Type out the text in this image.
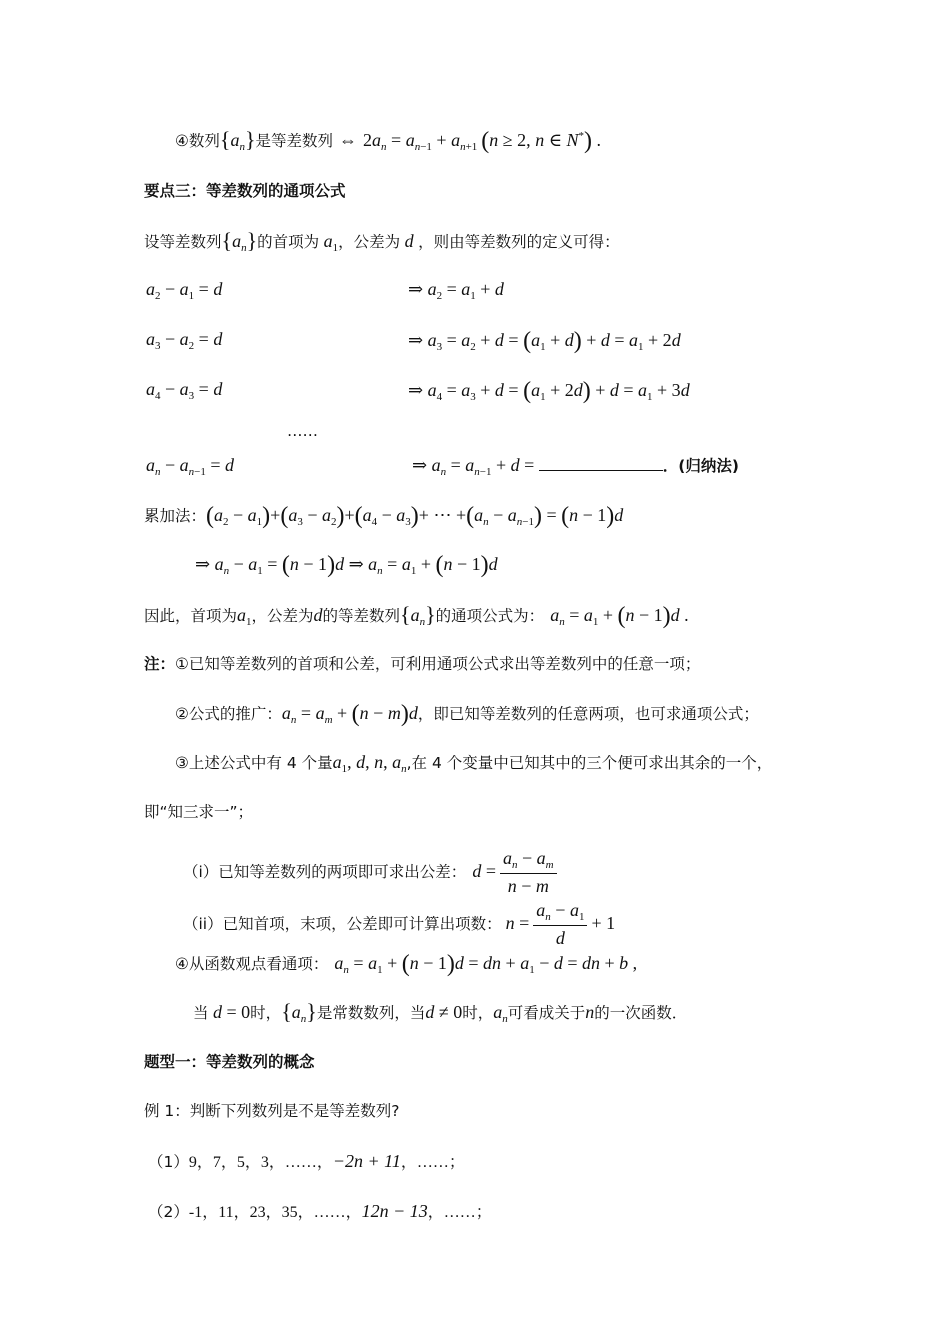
④数列$\{a_n\}$是等差数列 ⇔ $2a_n = a_{n-1} + a_{n+1}$ (n ≥ 2, n ∈ N*) .
要点三：等差数列的通项公式
设等差数列$\{a_n\}$的首项为 $a_1$，公差为 d ，则由等差数列的定义可得：
$a_2 - a_1 = d$	⇒ $a_2 = a_1 + d$
$a_3 - a_2 = d$	⇒ $a_3 = a_2 + d = (a_1 + d) + d = a_1 + 2d$
$a_4 - a_3 = d$	⇒ $a_4 = a_3 + d = (a_1 + 2d) + d = a_1 + 3d$
……
$a_n - a_{n-1} = d$	⇒ $a_n = a_{n-1} + d$ =	．(归纳法)
累加法：$(a_2 - a_1)+(a_3 - a_2)+(a_4 - a_3)+$ ⋯ $+(a_n - a_{n-1}) = (n - 1)d$
⇒ $a_n - a_1 = (n - 1)d$ ⇒ $a_n = a_1 + (n - 1)d$
因此，首项为$a_1$，公差为d的等差数列$\{a_n\}$的通项公式为： $a_n = a_1 + (n - 1)d$ .
注：①已知等差数列的首项和公差，可利用通项公式求出等差数列中的任意一项；
②公式的推广：$a_n = a_m + (n - m)d$，即已知等差数列的任意两项，也可求通项公式；
③上述公式中有 4 个量$a_1$, d, n, $a_n$,在 4 个变量中已知其中的三个便可求出其余的一个，
即“知三求一”；
（i）已知等差数列的两项即可求出公差： $d = \frac{a_n - a_m}{n - m}$
（ii）已知首项，末项，公差即可计算出项数： $n = \frac{a_n - a_1}{d} + 1$
④从函数观点看通项： $a_n = a_1 + (n - 1)d$ = dn + $a_1 - d$ = dn + b ,
当 d = 0时，$\{a_n\}$是常数数列，当d ≠ 0时，$a_n$可看成关于n的一次函数．
题型一：等差数列的概念
例 1：判断下列数列是不是等差数列?
（1）9，7，5，3，……，−2n + 11，……；
（2）-1，11，23，35，……，12n − 13，……；
